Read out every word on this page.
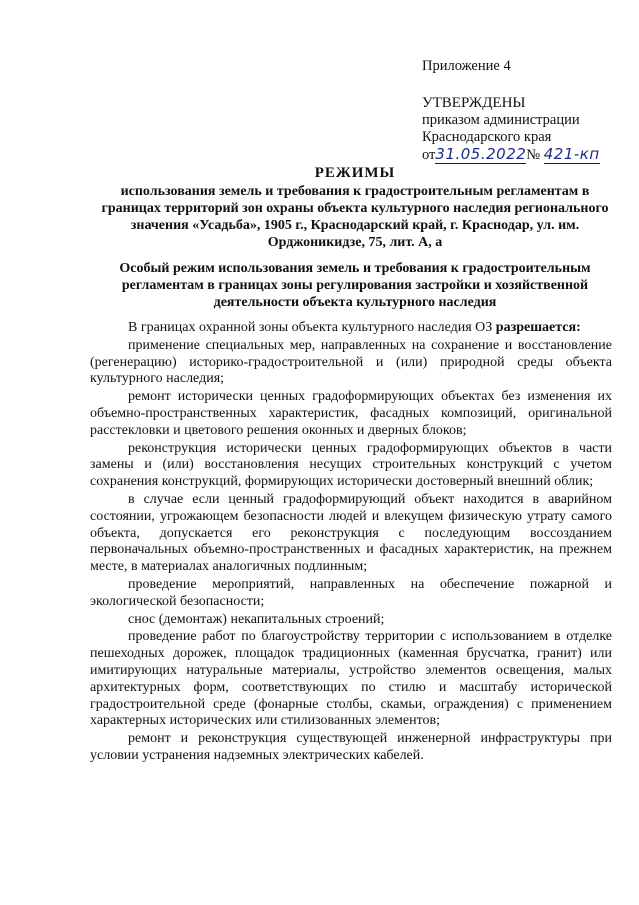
Приложение 4
УТВЕРЖДЕНЫ
приказом администрации
Краснодарского края
от31.05.2022№ 421-кп
РЕЖИМЫ
использования земель и требования к градостроительным регламентам в границах территорий зон охраны объекта культурного наследия регионального значения «Усадьба», 1905 г., Краснодарский край, г. Краснодар, ул. им. Орджоникидзе, 75, лит. А, а
Особый режим использования земель и требования к градостроительным регламентам в границах зоны регулирования застройки и хозяйственной деятельности объекта культурного наследия

В границах охранной зоны объекта культурного наследия ОЗ разрешается:

применение специальных мер, направленных на сохранение и восстановление (регенерацию) историко-градостроительной и (или) природной среды объекта культурного наследия;

ремонт исторически ценных градоформирующих объектах без изменения их объемно-пространственных характеристик, фасадных композиций, оригинальной расстекловки и цветового решения оконных и дверных блоков;

реконструкция исторически ценных градоформирующих объектов в части замены и (или) восстановления несущих строительных конструкций с учетом сохранения конструкций, формирующих исторически достоверный внешний облик;

в случае если ценный градоформирующий объект находится в аварийном состоянии, угрожающем безопасности людей и влекущем физическую утрату самого объекта, допускается его реконструкция с последующим воссозданием первоначальных объемно-пространственных и фасадных характеристик, на прежнем месте, в материалах аналогичных подлинным;

проведение мероприятий, направленных на обеспечение пожарной и экологической безопасности;

снос (демонтаж) некапитальных строений;

проведение работ по благоустройству территории с использованием в отделке пешеходных дорожек, площадок традиционных (каменная брусчатка, гранит) или имитирующих натуральные материалы, устройство элементов освещения, малых архитектурных форм, соответствующих по стилю и масштабу исторической градостроительной среде (фонарные столбы, скамьи, ограждения) с применением характерных исторических или стилизованных элементов;

ремонт и реконструкция существующей инженерной инфраструктуры при условии устранения надземных электрических кабелей.
